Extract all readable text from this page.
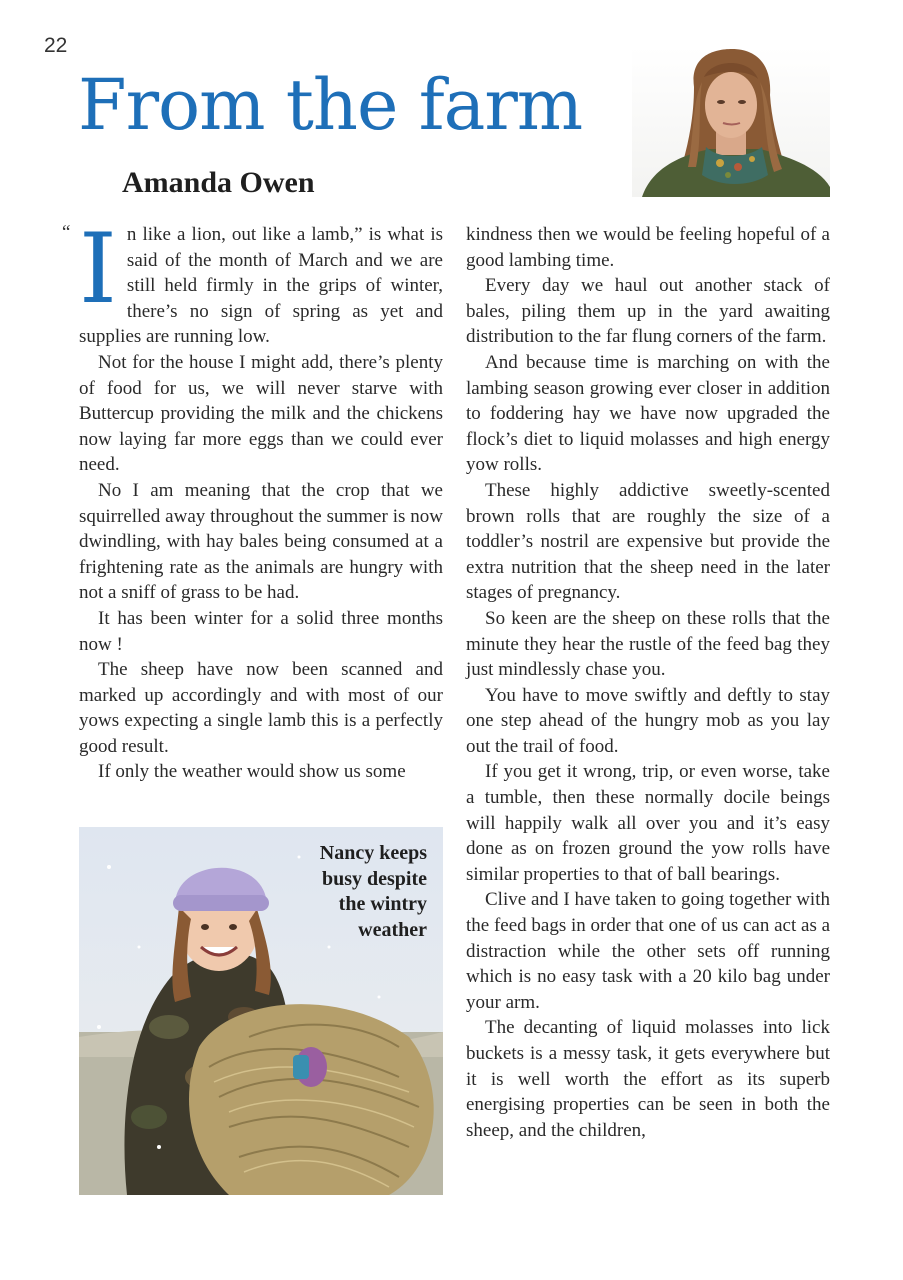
22
From the farm
Amanda Owen

“ I n like a lion, out like a lamb,” is what is said of the month of March and we are still held firmly in the grips of winter, there’s no sign of spring as yet and supplies are running low.

Not for the house I might add, there’s plenty of food for us, we will never starve with Buttercup providing the milk and the chickens now laying far more eggs than we could ever need.

No I am meaning that the crop that we squirrelled away throughout the summer is now dwindling, with hay bales being consumed at a frightening rate as the animals are hungry with not a sniff of grass to be had.

It has been winter for a solid three months now !

The sheep have now been scanned and marked up accordingly and with most of our yows expecting a single lamb this is a perfectly good result.

If only the weather would show us some

kindness then we would be feeling hopeful of a good lambing time.

Every day we haul out another stack of bales, piling them up in the yard awaiting distribution to the far flung corners of the farm.

And because time is marching on with the lambing season growing ever closer in addition to foddering hay we have now upgraded the flock’s diet to liquid molasses and high energy yow rolls.

These highly addictive sweetly-scented brown rolls that are roughly the size of a toddler’s nostril are expensive but provide the extra nutrition that the sheep need in the later stages of pregnancy.

So keen are the sheep on these rolls that the minute they hear the rustle of the feed bag they just mindlessly chase you.

You have to move swiftly and deftly to stay one step ahead of the hungry mob as you lay out the trail of food.

If you get it wrong, trip, or even worse, take a tumble, then these normally docile beings will happily walk all over you and it’s easy done as on frozen ground the yow rolls have similar properties to that of ball bearings.

Clive and I have taken to going together with the feed bags in order that one of us can act as a distraction while the other sets off running which is no easy task with a 20 kilo bag under your arm.

The decanting of liquid molasses into lick buckets is a messy task, it gets everywhere but it is well worth the effort as its superb energising properties can be seen in both the sheep, and the children,

Nancy keeps
busy despite
the wintry
weather
